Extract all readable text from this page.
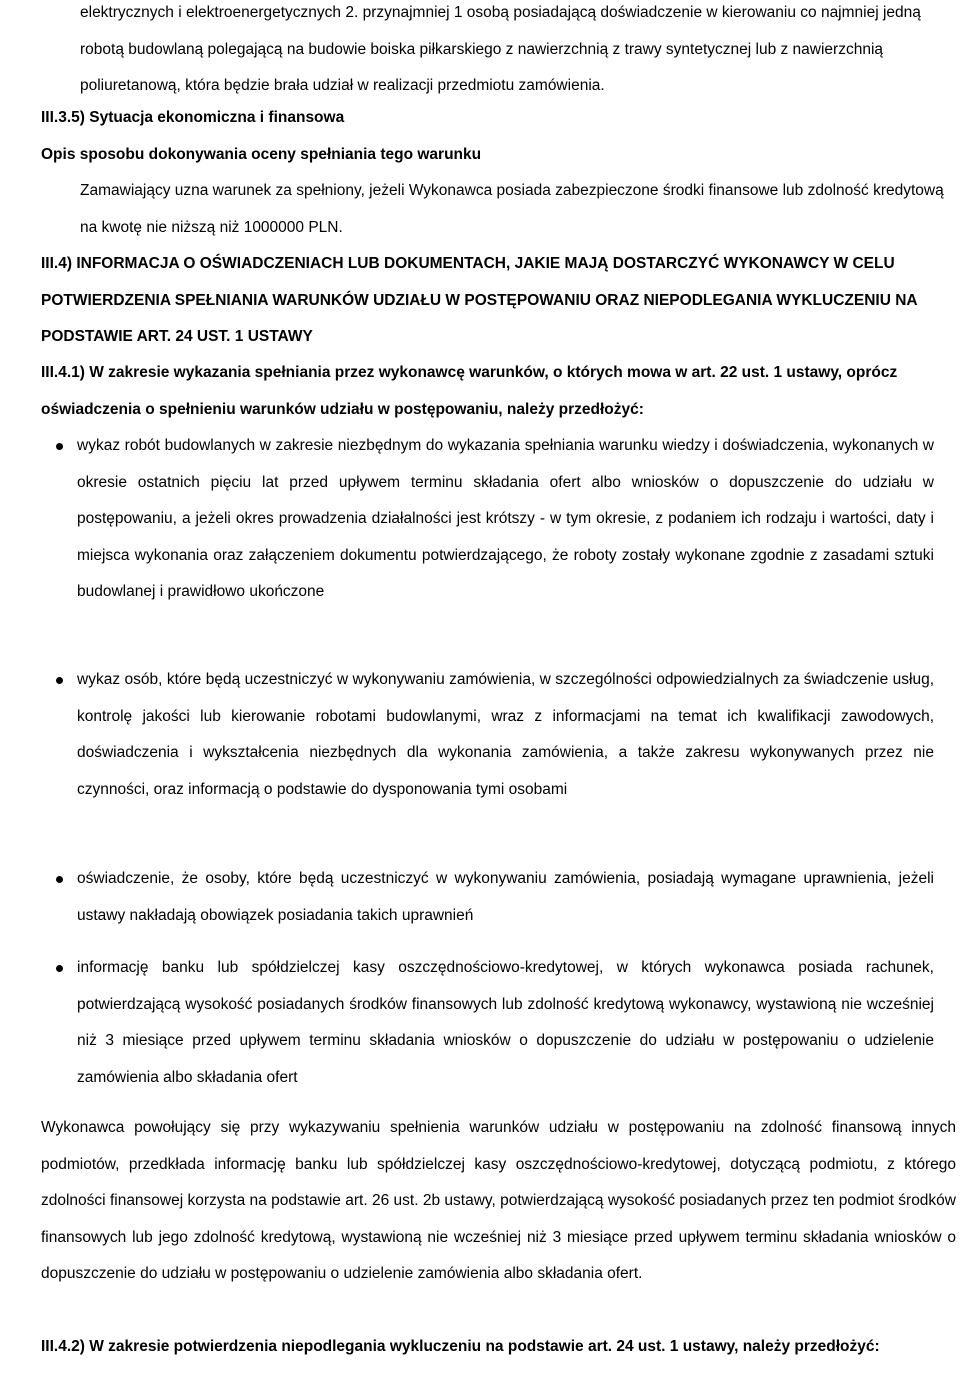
elektrycznych i elektroenergetycznych 2. przynajmniej 1 osobą posiadającą doświadczenie w kierowaniu co najmniej jedną robotą budowlaną polegającą na budowie boiska piłkarskiego z nawierzchnią z trawy syntetycznej lub z nawierzchnią poliuretanową, która będzie brała udział w realizacji przedmiotu zamówienia.
III.3.5) Sytuacja ekonomiczna i finansowa
Opis sposobu dokonywania oceny spełniania tego warunku
Zamawiający uzna warunek za spełniony, jeżeli Wykonawca posiada zabezpieczone środki finansowe lub zdolność kredytową na kwotę nie niższą niż 1000000 PLN.
III.4) INFORMACJA O OŚWIADCZENIACH LUB DOKUMENTACH, JAKIE MAJĄ DOSTARCZYĆ WYKONAWCY W CELU POTWIERDZENIA SPEŁNIANIA WARUNKÓW UDZIAŁU W POSTĘPOWANIU ORAZ NIEPODLEGANIA WYKLUCZENIU NA PODSTAWIE ART. 24 UST. 1 USTAWY
III.4.1) W zakresie wykazania spełniania przez wykonawcę warunków, o których mowa w art. 22 ust. 1 ustawy, oprócz oświadczenia o spełnieniu warunków udziału w postępowaniu, należy przedłożyć:
wykaz robót budowlanych w zakresie niezbędnym do wykazania spełniania warunku wiedzy i doświadczenia, wykonanych w okresie ostatnich pięciu lat przed upływem terminu składania ofert albo wniosków o dopuszczenie do udziału w postępowaniu, a jeżeli okres prowadzenia działalności jest krótszy - w tym okresie, z podaniem ich rodzaju i wartości, daty i miejsca wykonania oraz załączeniem dokumentu potwierdzającego, że roboty zostały wykonane zgodnie z zasadami sztuki budowlanej i prawidłowo ukończone
wykaz osób, które będą uczestniczyć w wykonywaniu zamówienia, w szczególności odpowiedzialnych za świadczenie usług, kontrolę jakości lub kierowanie robotami budowlanymi, wraz z informacjami na temat ich kwalifikacji zawodowych, doświadczenia i wykształcenia niezbędnych dla wykonania zamówienia, a także zakresu wykonywanych przez nie czynności, oraz informacją o podstawie do dysponowania tymi osobami
oświadczenie, że osoby, które będą uczestniczyć w wykonywaniu zamówienia, posiadają wymagane uprawnienia, jeżeli ustawy nakładają obowiązek posiadania takich uprawnień
informację banku lub spółdzielczej kasy oszczędnościowo-kredytowej, w których wykonawca posiada rachunek, potwierdzającą wysokość posiadanych środków finansowych lub zdolność kredytową wykonawcy, wystawioną nie wcześniej niż 3 miesiące przed upływem terminu składania wniosków o dopuszczenie do udziału w postępowaniu o udzielenie zamówienia albo składania ofert
Wykonawca powołujący się przy wykazywaniu spełnienia warunków udziału w postępowaniu na zdolność finansową innych podmiotów, przedkłada informację banku lub spółdzielczej kasy oszczędnościowo-kredytowej, dotyczącą podmiotu, z którego zdolności finansowej korzysta na podstawie art. 26 ust. 2b ustawy, potwierdzającą wysokość posiadanych przez ten podmiot środków finansowych lub jego zdolność kredytową, wystawioną nie wcześniej niż 3 miesiące przed upływem terminu składania wniosków o dopuszczenie do udziału w postępowaniu o udzielenie zamówienia albo składania ofert.
III.4.2) W zakresie potwierdzenia niepodlegania wykluczeniu na podstawie art. 24 ust. 1 ustawy, należy przedłożyć:
